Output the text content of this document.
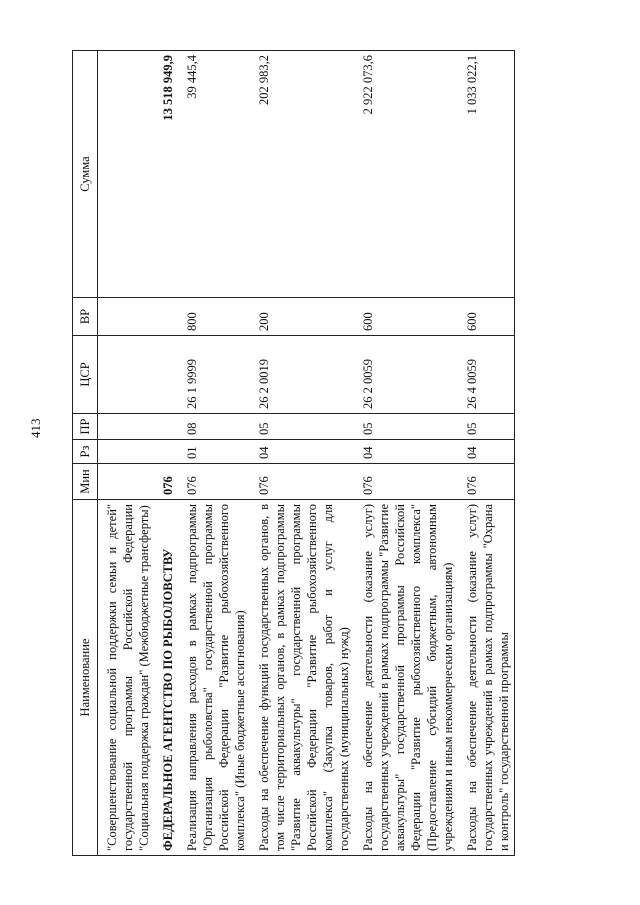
413
Наименование	Мин	Рз	ПР	ЦСР	ВР	Сумма
"Совершенствование социальной поддержки семьи и детей" государственной программы Российской Федерации "Социальная поддержка граждан" (Межбюджетные трансферты)						
ФЕДЕРАЛЬНОЕ АГЕНТСТВО ПО РЫБОЛОВСТВУ	076					13 518 949,9
Реализация направления расходов в рамках подпрограммы "Организация рыболовства" государственной программы Российской Федерации "Развитие рыбохозяйственного комплекса" (Иные бюджетные ассигнования)	076	01	08	26 1 9999	800	39 445,4
Расходы на обеспечение функций государственных органов, в том числе территориальных органов, в рамках подпрограммы "Развитие аквакультуры" государственной программы Российской Федерации "Развитие рыбохозяйственного комплекса" (Закупка товаров, работ и услуг для государственных (муниципальных) нужд)	076	04	05	26 2 0019	200	202 983,2
Расходы на обеспечение деятельности (оказание услуг) государственных учреждений в рамках подпрограммы "Развитие аквакультуры" государственной программы Российской Федерации "Развитие рыбохозяйственного комплекса" (Предоставление субсидий бюджетным, автономным учреждениям и иным некоммерческим организациям)	076	04	05	26 2 0059	600	2 922 073,6
Расходы на обеспечение деятельности (оказание услуг) государственных учреждений в рамках подпрограммы "Охрана и контроль" государственной программы	076	04	05	26 4 0059	600	1 033 022,1
